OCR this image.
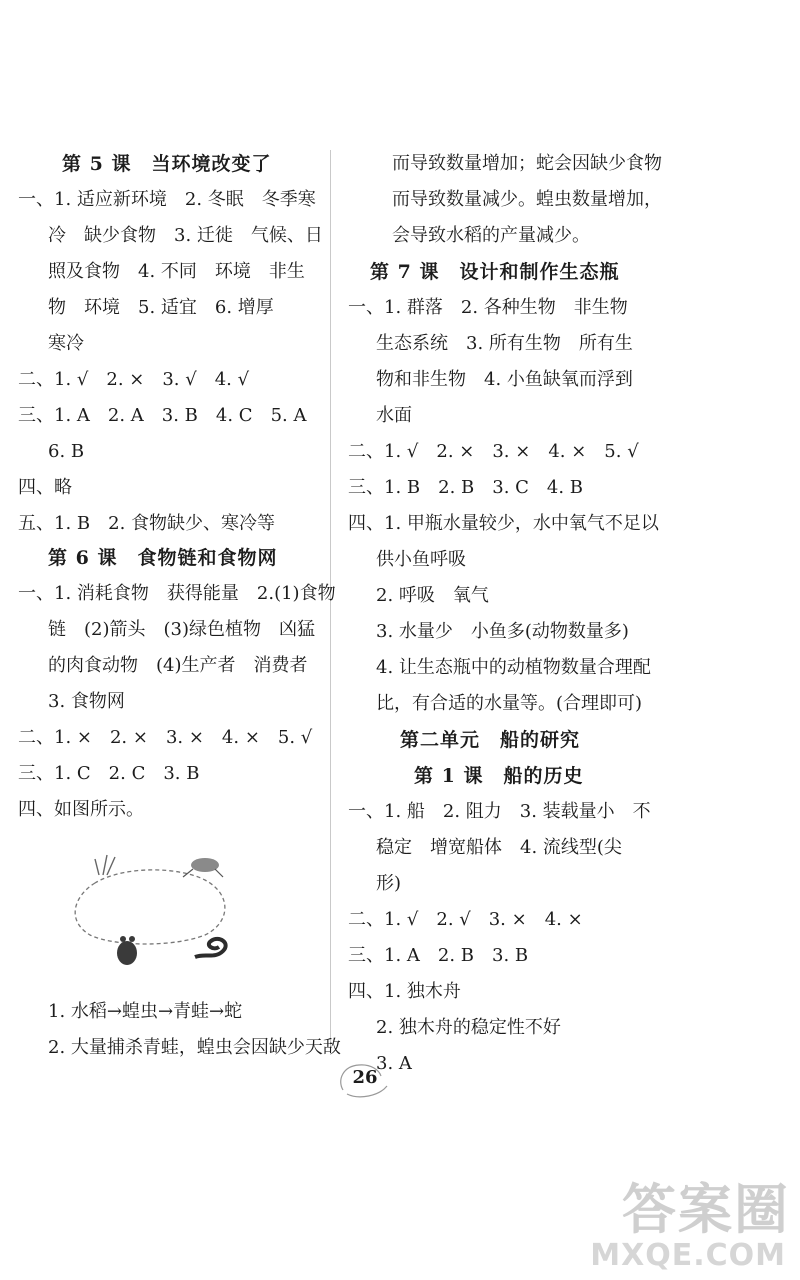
第 5 课　当环境改变了
一、1. 适应新环境　2. 冬眠　冬季寒
冷　缺少食物　3. 迁徙　气候、日
照及食物　4. 不同　环境　非生
物　环境　5. 适宜　6. 增厚
寒冷
二、1. √　2. ×　3. √　4. √
三、1. A　2. A　3. B　4. C　5. A
6. B
四、略
五、1. B　2. 食物缺少、寒冷等
第 6 课　食物链和食物网
一、1. 消耗食物　获得能量　2.(1)食物
链　(2)箭头　(3)绿色植物　凶猛
的肉食动物　(4)生产者　消费者
3. 食物网
二、1. ×　2. ×　3. ×　4. ×　5. √
三、1. C　2. C　3. B
四、如图所示。
1. 水稻→蝗虫→青蛙→蛇
2. 大量捕杀青蛙，蝗虫会因缺少天敌
而导致数量增加；蛇会因缺少食物
而导致数量减少。蝗虫数量增加，
会导致水稻的产量减少。
第 7 课　设计和制作生态瓶
一、1. 群落　2. 各种生物　非生物
生态系统　3. 所有生物　所有生
物和非生物　4. 小鱼缺氧而浮到
水面
二、1. √　2. ×　3. ×　4. ×　5. √
三、1. B　2. B　3. C　4. B
四、1. 甲瓶水量较少，水中氧气不足以
供小鱼呼吸
2. 呼吸　氧气
3. 水量少　小鱼多(动物数量多)
4. 让生态瓶中的动植物数量合理配
比，有合适的水量等。(合理即可)
第二单元　船的研究
第 1 课　船的历史
一、1. 船　2. 阻力　3. 装载量小　不
稳定　增宽船体　4. 流线型(尖
形)
二、1. √　2. √　3. ×　4. ×
三、1. A　2. B　3. B
四、1. 独木舟
2. 独木舟的稳定性不好
3. A
26
答案圈
MXQE.COM
